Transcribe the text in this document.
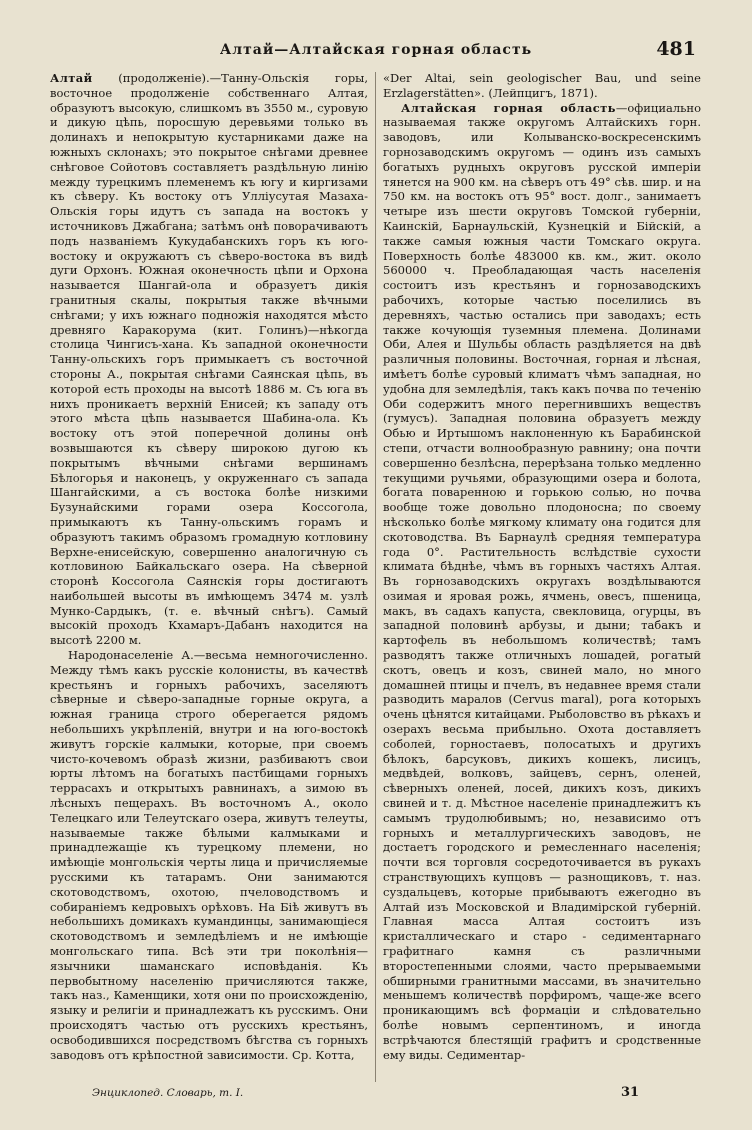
Алтай—Алтайская горная область	481

Алтай (продолженіе).—Танну-Ольскія горы, восточное продолженіе собственнаго Алтая, образуютъ высокую, слишкомъ въ 3550 м., суровую и дикую цѣпь, поросшую деревьями только въ долинахъ и непокрытую кустарниками даже на южныхъ склонахъ; это покрытое снѣгами древнее снѣговое Сойотовъ составляетъ раздѣльную линію между турецкимъ племенемъ къ югу и киргизами къ сѣверу. Къ востоку отъ Улліусутая Мазаха-Ольскія горы идутъ съ запада на востокъ у источниковъ Джабгана; затѣмъ онѣ поворачиваютъ подъ названіемъ Кукудабанскихъ горъ къ юго-востоку и окружаютъ съ сѣверо-востока въ видѣ дуги Орхонъ. Южная оконечность цѣпи и Орхона называется Шангай-ола и образуетъ дикія гранитныя скалы, покрытыя также вѣчными снѣгами; у ихъ южнаго подножія находятся мѣсто древняго Каракорума (кит. Голинъ)—нѣкогда столица Чингисъ-хана. Къ западной оконечности Танну-ольскихъ горъ примыкаетъ съ восточной стороны А., покрытая снѣгами Саянская цѣпь, въ которой есть проходы на высотѣ 1886 м. Съ юга въ нихъ проникаетъ верхній Енисей; къ западу отъ этого мѣста цѣпь называется Шабина-ола. Къ востоку отъ этой поперечной долины онѣ возвышаются къ сѣверу широкою дугою къ покрытымъ вѣчными снѣгами вершинамъ Бѣлогорья и наконецъ, у окруженнаго съ запада Шангайскими, а съ востока болѣе низкими Бузунайскими горами озера Коссогола, примыкаютъ къ Танну-ольскимъ горамъ и образуютъ такимъ образомъ громадную котловину Верхне-енисейскую, совершенно аналогичную съ котловиною Байкальскаго озера. На сѣверной сторонѣ Коссогола Саянскія горы достигаютъ наибольшей высоты въ имѣющемъ 3474 м. узлѣ Мунко-Сардыкъ, (т. е. вѣчный снѣгъ). Самый высокій проходъ Кхамаръ-Дабанъ находится на высотѣ 2200 м.

Народонаселеніе А.—весьма немногочисленно. Между тѣмъ какъ русскіе колонисты, въ качествѣ крестьянъ и горныхъ рабочихъ, заселяютъ сѣверные и сѣверо-западные горные округа, а южная граница строго оберегается рядомъ небольшихъ укрѣпленій, внутри и на юго-востокѣ живутъ горскіе калмыки, которые, при своемъ чисто-кочевомъ образѣ жизни, разбиваютъ свои юрты лѣтомъ на богатыхъ пастбищами горныхъ террасахъ и открытыхъ равнинахъ, а зимою въ лѣсныхъ пещерахъ. Въ восточномъ А., около Телецкаго или Телеутскаго озера, живутъ телеуты, называемые также бѣлыми калмыками и принадлежащіе къ турецкому племени, но имѣющіе монгольскія черты лица и причисляемые русскими къ татарамъ. Они занимаются скотоводствомъ, охотою, пчеловодствомъ и собираніемъ кедровыхъ орѣховъ. На Біѣ живутъ въ небольшихъ домикахъ кумандинцы, занимающіеся скотоводствомъ и земледѣліемъ и не имѣющіе монгольскаго типа. Всѣ эти три поколѣнія—язычники шаманскаго исповѣданія. Къ первобытному населенію причисляются также, такъ наз., Каменщики, хотя они по происхожденію, языку и религіи и принадлежатъ къ русскимъ. Они происходятъ частью отъ русскихъ крестьянъ, освободившихся посредствомъ бѣгства съ горныхъ заводовъ отъ крѣпостной зависимости. Ср. Котта,

«Der Altai, sein geologischer Bau, und seine Erzlagerstätten». (Лейпцигъ, 1871).

Алтайская горная область—официально называемая также округомъ Алтайскихъ горн. заводовъ, или Колыванско-воскресенскимъ горнозаводскимъ округомъ — одинъ изъ самыхъ богатыхъ рудныхъ округовъ русской имперіи тянется на 900 км. на сѣверъ отъ 49° сѣв. шир. и на 750 км. на востокъ отъ 95° вост. долг., занимаетъ четыре изъ шести округовъ Томской губерніи, Каинскій, Барнаульскій, Кузнецкій и Бійскій, а также самыя южныя части Томскаго округа. Поверхность болѣе 483000 кв. км., жит. около 560000 ч. Преобладающая часть населенія состоитъ изъ крестьянъ и горнозаводскихъ рабочихъ, которые частью поселились въ деревняхъ, частью остались при заводахъ; есть также кочующія туземныя племена. Долинами Оби, Алея и Шульбы область раздѣляется на двѣ различныя половины. Восточная, горная и лѣсная, имѣетъ болѣе суровый климатъ чѣмъ западная, но удобна для земледѣлія, такъ какъ почва по теченію Оби содержитъ много перегнившихъ веществъ (гумусъ). Западная половина образуетъ между Обью и Иртышомъ наклоненную къ Барабинской степи, отчасти волнообразную равнину; она почти совершенно безлѣсна, перерѣзана только медленно текущими ручьями, образующими озера и болота, богата поваренною и горькою солью, но почва вообще тоже довольно плодоносна; по своему нѣсколько болѣе мягкому климату она годится для скотоводства. Въ Барнаулѣ средняя температура года 0°. Растительность вслѣдствіе сухости климата бѣднѣе, чѣмъ въ горныхъ частяхъ Алтая. Въ горнозаводскихъ округахъ воздѣлываются озимая и яровая рожь, ячмень, овесъ, пшеница, макъ, въ садахъ капуста, свекловица, огурцы, въ западной половинѣ арбузы, и дыни; табакъ и картофель въ небольшомъ количествѣ; тамъ разводятъ также отличныхъ лошадей, рогатый скотъ, овецъ и козъ, свиней мало, но много домашней птицы и пчелъ, въ недавнее время стали разводить маралов (Cervus maral), рога которыхъ очень цѣнятся китайцами. Рыболовство въ рѣкахъ и озерахъ весьма прибыльно. Охота доставляетъ соболей, горностаевъ, полосатыхъ и другихъ бѣлокъ, барсуковъ, дикихъ кошекъ, лисицъ, медвѣдей, волковъ, зайцевъ, сернъ, оленей, сѣверныхъ оленей, лосей, дикихъ козъ, дикихъ свиней и т. д. Мѣстное населеніе принадлежитъ къ самымъ трудолюбивымъ; но, независимо отъ горныхъ и металлургическихъ заводовъ, не достаетъ городского и ремесленнаго населенія; почти вся торговля сосредоточивается въ рукахъ странствующихъ купцовъ — разнощиковъ, т. наз. суздальцевъ, которые прибываютъ ежегодно въ Алтай изъ Московской и Владимірской губерній. Главная масса Алтая состоитъ изъ кристаллическаго и старо - седиментарнаго графитнаго камня съ различными второстепенными слоями, часто прерываемыми обширными гранитными массами, въ значительно меньшемъ количествѣ порфиромъ, чаще-же всего проникающимъ всѣ формаціи и слѣдовательно болѣе новымъ серпентиномъ, и иногда встрѣчаются блестящій графитъ и сродственные ему виды. Седиментар-

Энциклопед. Словарь, т. I.	31
